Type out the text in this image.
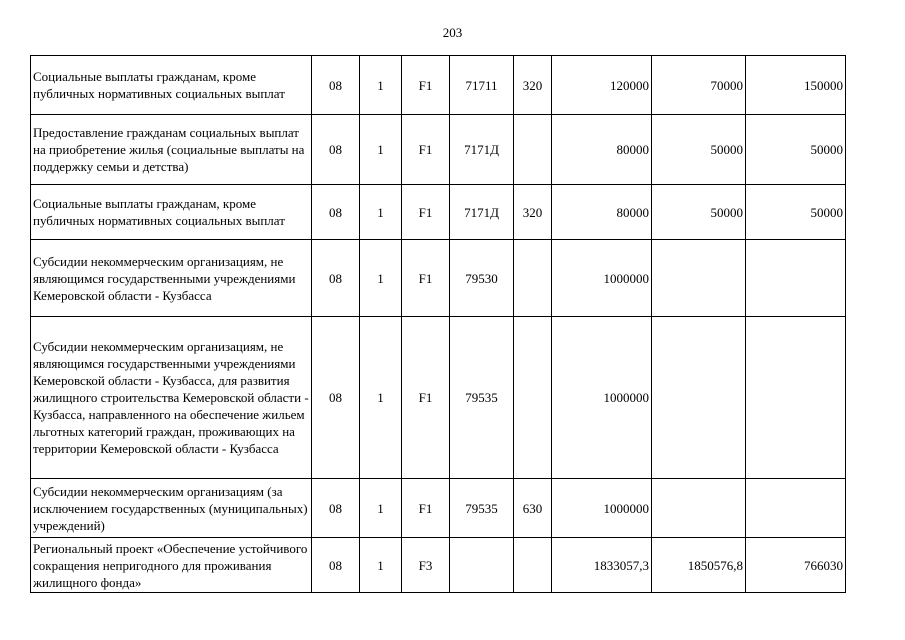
203
Социальные выплаты гражданам, кроме публичных нормативных социальных выплат	08	1	F1	71711	320	120000	70000	150000
Предоставление гражданам социальных выплат на приобретение жилья (социальные выплаты на поддержку семьи и детства)	08	1	F1	7171Д		80000	50000	50000
Социальные выплаты гражданам, кроме публичных нормативных социальных выплат	08	1	F1	7171Д	320	80000	50000	50000
Субсидии некоммерческим организациям, не являющимся государственными учреждениями Кемеровской области - Кузбасса	08	1	F1	79530		1000000		
Субсидии некоммерческим организациям, не являющимся государственными учреждениями Кемеровской области - Кузбасса, для развития жилищного строительства Кемеровской области - Кузбасса, направленного на обеспечение жильем льготных категорий граждан, проживающих на территории Кемеровской области - Кузбасса	08	1	F1	79535		1000000		
Субсидии некоммерческим организациям (за исключением государственных (муниципальных) учреждений)	08	1	F1	79535	630	1000000		
Региональный проект «Обеспечение устойчивого сокращения непригодного для проживания жилищного фонда»	08	1	F3			1833057,3	1850576,8	766030
